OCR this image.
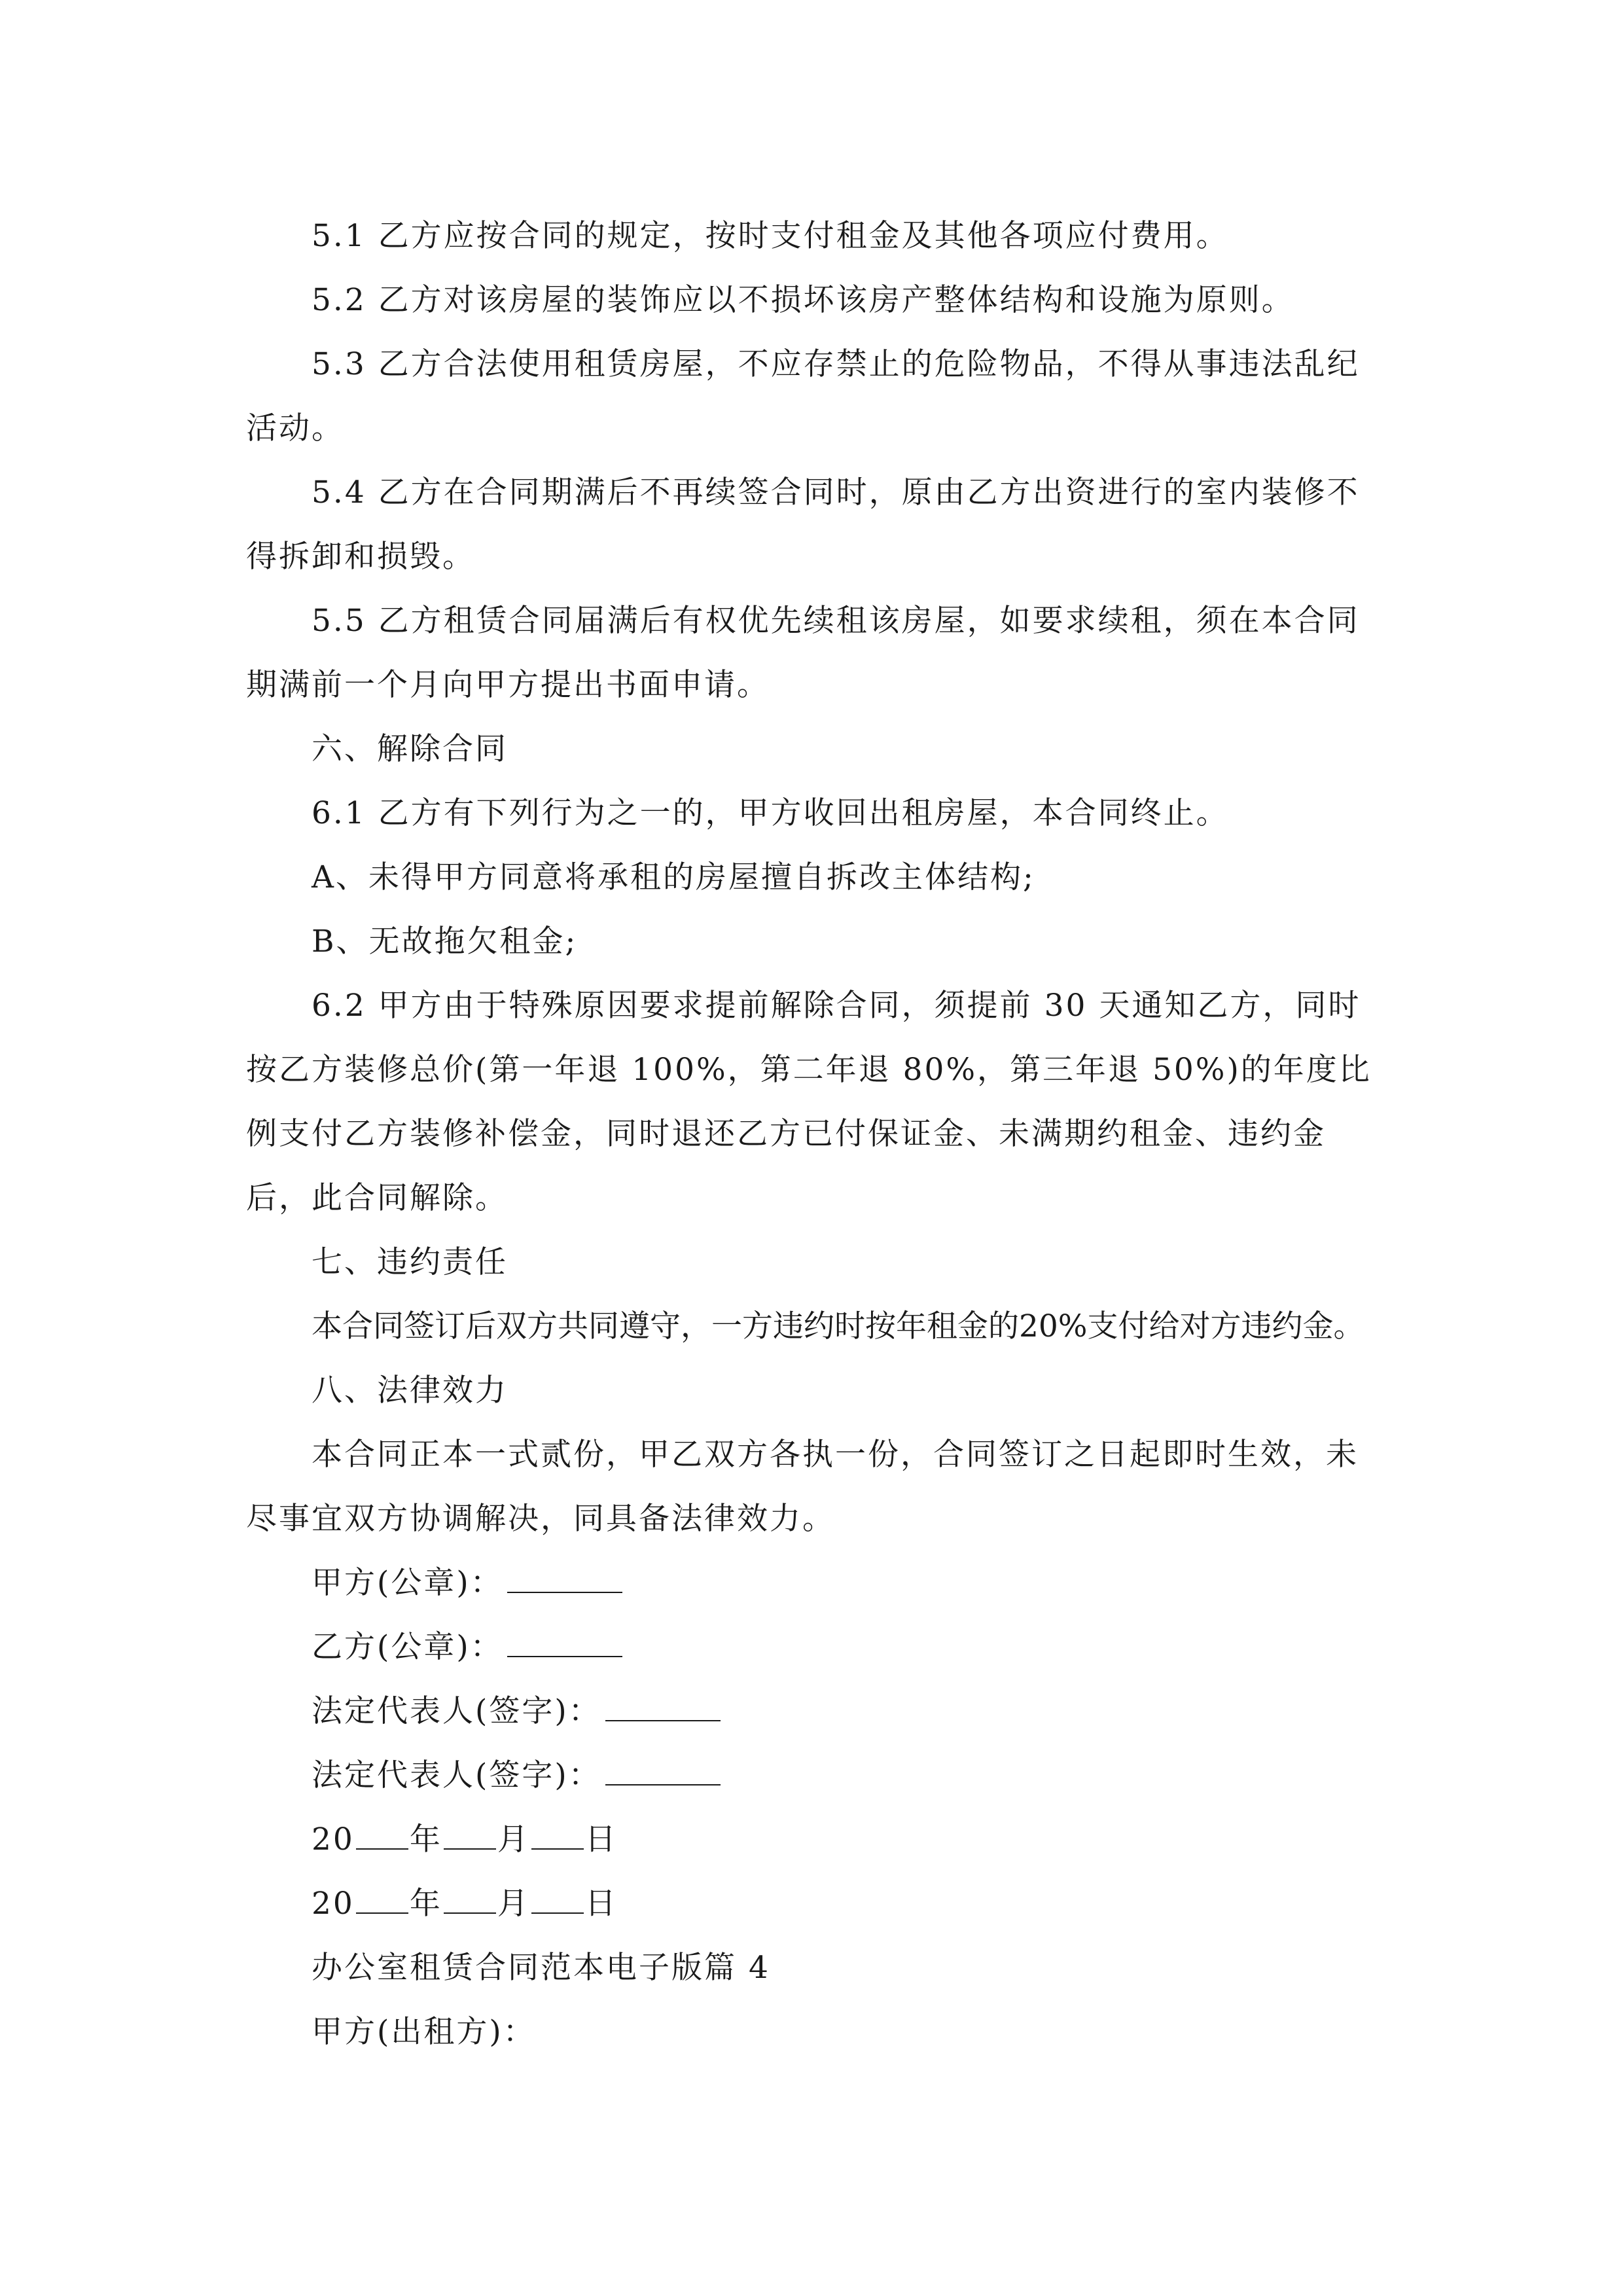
5.1 乙方应按合同的规定，按时支付租金及其他各项应付费用。

5.2 乙方对该房屋的装饰应以不损坏该房产整体结构和设施为原则。

5.3 乙方合法使用租赁房屋，不应存禁止的危险物品，不得从事违法乱纪活动。

5.4 乙方在合同期满后不再续签合同时，原由乙方出资进行的室内装修不得拆卸和损毁。

5.5 乙方租赁合同届满后有权优先续租该房屋，如要求续租，须在本合同期满前一个月向甲方提出书面申请。

六、解除合同

6.1 乙方有下列行为之一的，甲方收回出租房屋，本合同终止。

A、未得甲方同意将承租的房屋擅自拆改主体结构;

B、无故拖欠租金;

6.2 甲方由于特殊原因要求提前解除合同，须提前 30 天通知乙方，同时按乙方装修总价(第一年退 100%，第二年退 80%，第三年退 50%)的年度比例支付乙方装修补偿金，同时退还乙方已付保证金、未满期约租金、违约金后，此合同解除。

七、违约责任

本合同签订后双方共同遵守，一方违约时按年租金的20%支付给对方违约金。

八、法律效力

本合同正本一式贰份，甲乙双方各执一份，合同签订之日起即时生效，未尽事宜双方协调解决，同具备法律效力。

甲方(公章)：

乙方(公章)：

法定代表人(签字)：

法定代表人(签字)：

20 年 月 日

20 年 月 日

办公室租赁合同范本电子版篇 4

甲方(出租方)：
